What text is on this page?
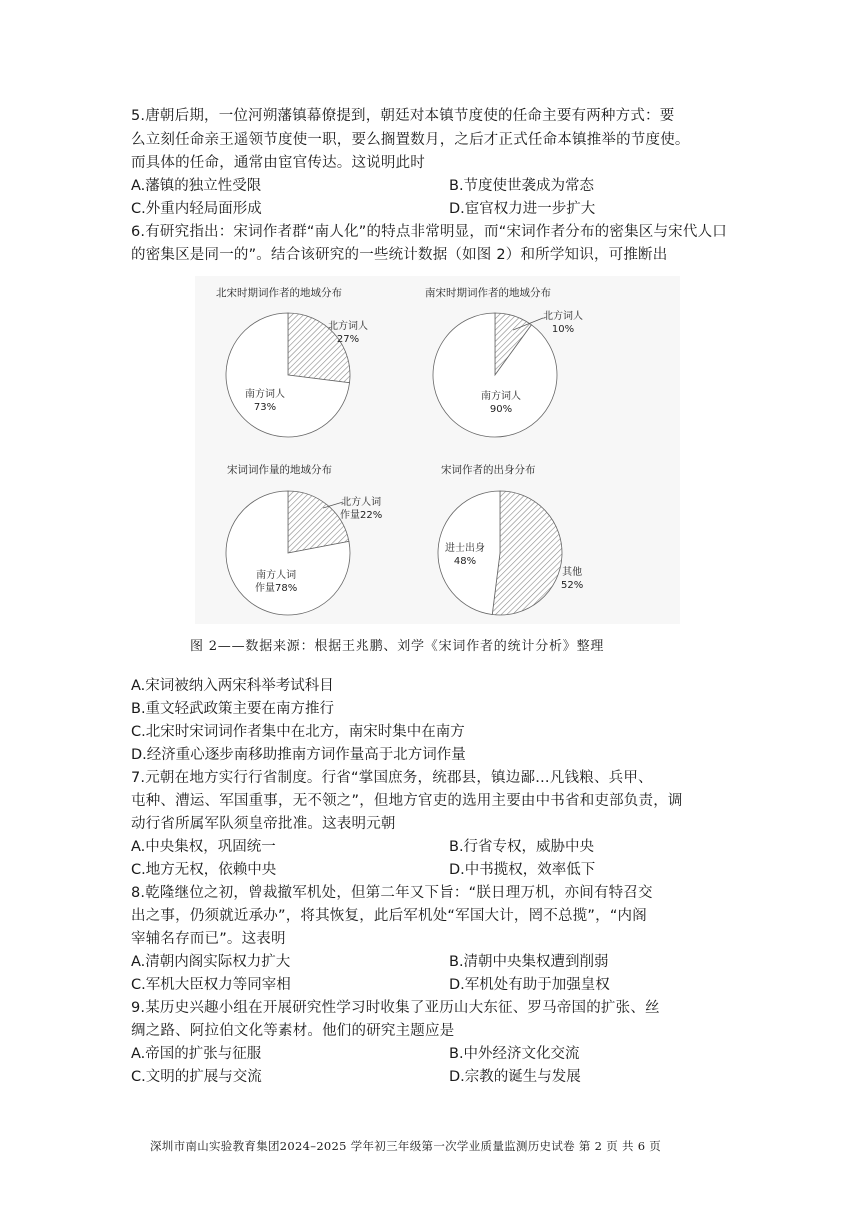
5.唐朝后期，一位河朔藩镇幕僚提到，朝廷对本镇节度使的任命主要有两种方式：要
么立刻任命亲王遥领节度使一职，要么搁置数月，之后才正式任命本镇推举的节度使。
而具体的任命，通常由宦官传达。这说明此时
A.藩镇的独立性受限	B.节度使世袭成为常态
C.外重内轻局面形成	D.宦官权力进一步扩大
6.有研究指出：宋词作者群“南人化”的特点非常明显，而“宋词作者分布的密集区与宋代人口
的密集区是同一的”。结合该研究的一些统计数据（如图 2）和所学知识，可推断出
北宋时期词作者的地域分布	南宋时期词作者的地域分布
宋词词作量的地域分布	宋词作者的出身分布
北方词人
27%
南方词人
73%
北方词人
10%
南方词人
90%
北方人词
作量22%
南方人词
作量78%
进士出身
48%
其他
52%
图 2——数据来源：根据王兆鹏、刘学《宋词作者的统计分析》整理
A.宋词被纳入两宋科举考试科目
B.重文轻武政策主要在南方推行
C.北宋时宋词词作者集中在北方，南宋时集中在南方
D.经济重心逐步南移助推南方词作量高于北方词作量
7.元朝在地方实行行省制度。行省“掌国庶务，统郡县，镇边鄙…凡钱粮、兵甲、
屯种、漕运、军国重事，无不领之”，但地方官吏的选用主要由中书省和吏部负责，调
动行省所属军队须皇帝批准。这表明元朝
A.中央集权，巩固统一	B.行省专权，威胁中央
C.地方无权，依赖中央	D.中书揽权，效率低下
8.乾隆继位之初，曾裁撤军机处，但第二年又下旨：“朕日理万机，亦间有特召交
出之事，仍须就近承办”，将其恢复，此后军机处“军国大计，罔不总揽”，“内阁
宰辅名存而已”。这表明
A.清朝内阁实际权力扩大	B.清朝中央集权遭到削弱
C.军机大臣权力等同宰相	D.军机处有助于加强皇权
9.某历史兴趣小组在开展研究性学习时收集了亚历山大东征、罗马帝国的扩张、丝
绸之路、阿拉伯文化等素材。他们的研究主题应是
A.帝国的扩张与征服	B.中外经济文化交流
C.文明的扩展与交流	D.宗教的诞生与发展
深圳市南山实验教育集团2024–2025 学年初三年级第一次学业质量监测历史试卷 第 2 页 共 6 页
